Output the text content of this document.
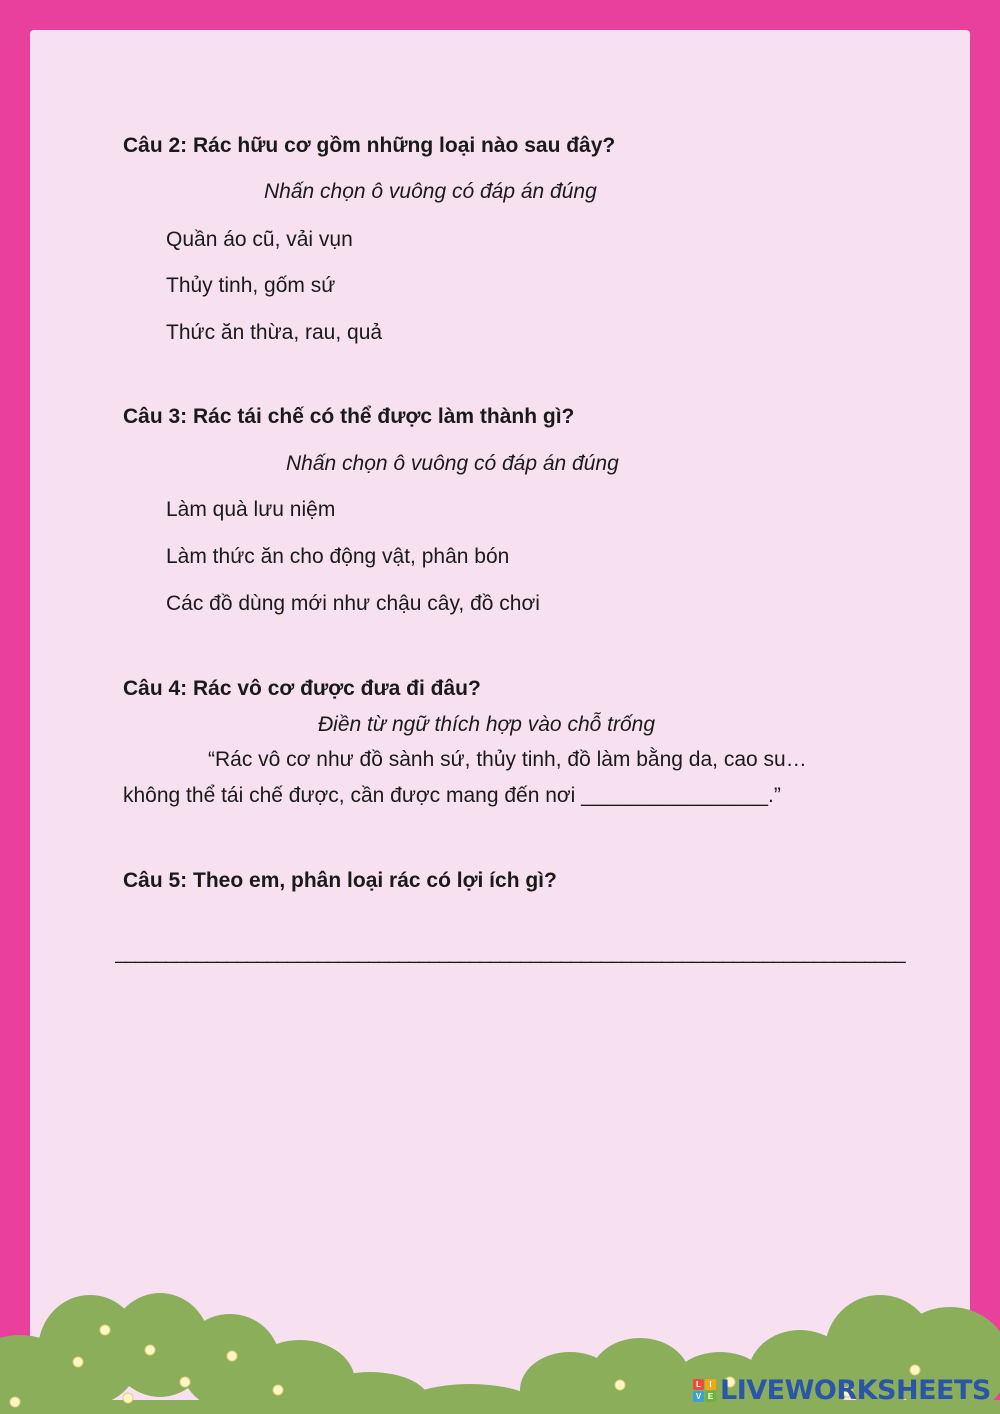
Câu 2: Rác hữu cơ gồm những loại nào sau đây?
Nhấn chọn ô vuông có đáp án đúng
Quần áo cũ, vải vụn
Thủy tinh, gốm sứ
Thức ăn thừa, rau, quả
Câu 3: Rác tái chế có thể được làm thành gì?
Nhấn chọn ô vuông có đáp án đúng
Làm quà lưu niệm
Làm thức ăn cho động vật, phân bón
Các đồ dùng mới như chậu cây, đồ chơi
Câu 4: Rác vô cơ được đưa đi đâu?
Điền từ ngữ thích hợp vào chỗ trống
“Rác vô cơ như đồ sành sứ, thủy tinh, đồ làm bằng da, cao su…
không thể tái chế được, cần được mang đến nơi ________________.”
Câu 5: Theo em, phân loại rác có lợi ích gì?
______________________________________________________________________________
L	I
V E LIVEWORKSHEETS
